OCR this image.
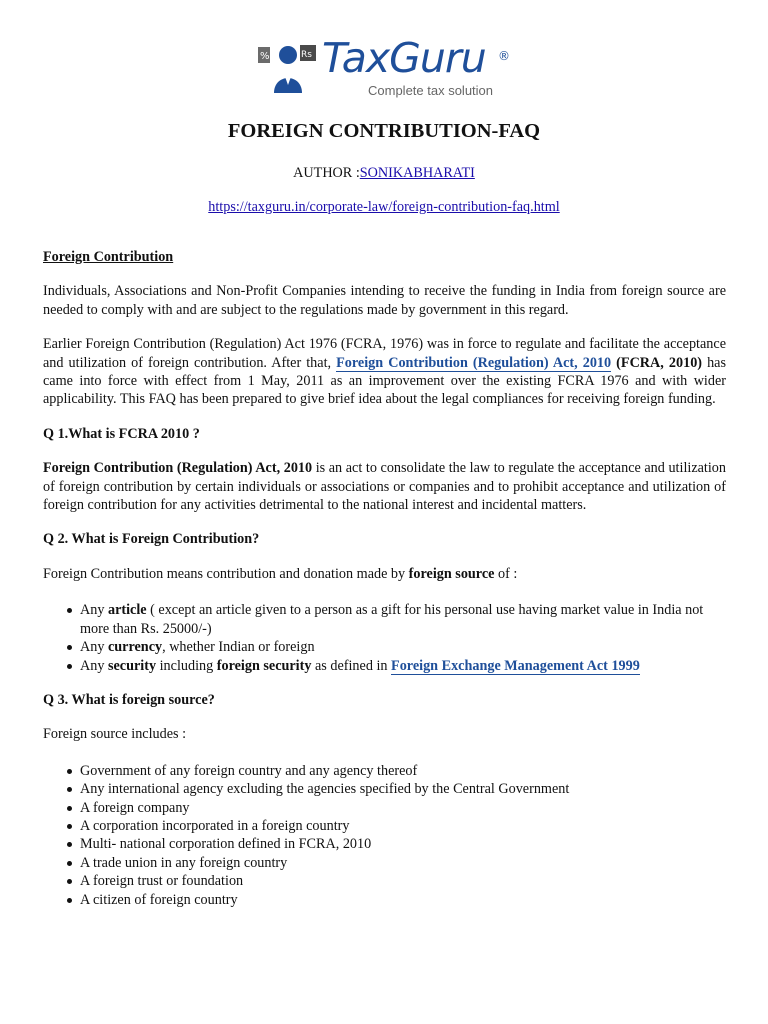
%	Rs TaxGuru ®
Complete tax solution
FOREIGN CONTRIBUTION-FAQ
AUTHOR :SONIKABHARATI
https://taxguru.in/corporate-law/foreign-contribution-faq.html

Foreign Contribution

Individuals, Associations and Non-Profit Companies intending to receive the funding in India from foreign source are needed to comply with and are subject to the regulations made by government in this regard.

Earlier Foreign Contribution (Regulation) Act 1976 (FCRA, 1976) was in force to regulate and facilitate the acceptance and utilization of foreign contribution. After that, Foreign Contribution (Regulation) Act, 2010 (FCRA, 2010) has came into force with effect from 1 May, 2011 as an improvement over the existing FCRA 1976 and with wider applicability. This FAQ has been prepared to give brief idea about the legal compliances for receiving foreign funding.

Q 1.What is FCRA 2010 ?

Foreign Contribution (Regulation) Act, 2010 is an act to consolidate the law to regulate the acceptance and utilization of foreign contribution by certain individuals or associations or companies and to prohibit acceptance and utilization of foreign contribution for any activities detrimental to the national interest and incidental matters.

Q 2. What is Foreign Contribution?

Foreign Contribution means contribution and donation made by foreign source of :

Any article ( except an article given to a person as a gift for his personal use having market value in India not more than Rs. 25000/-)
Any currency, whether Indian or foreign
Any security including foreign security as defined in Foreign Exchange Management Act 1999

Q 3. What is foreign source?

Foreign source includes :

Government of any foreign country and any agency thereof
Any international agency excluding the agencies specified by the Central Government
A foreign company
A corporation incorporated in a foreign country
Multi- national corporation defined in FCRA, 2010
A trade union in any foreign country
A foreign trust or foundation
A citizen of foreign country
